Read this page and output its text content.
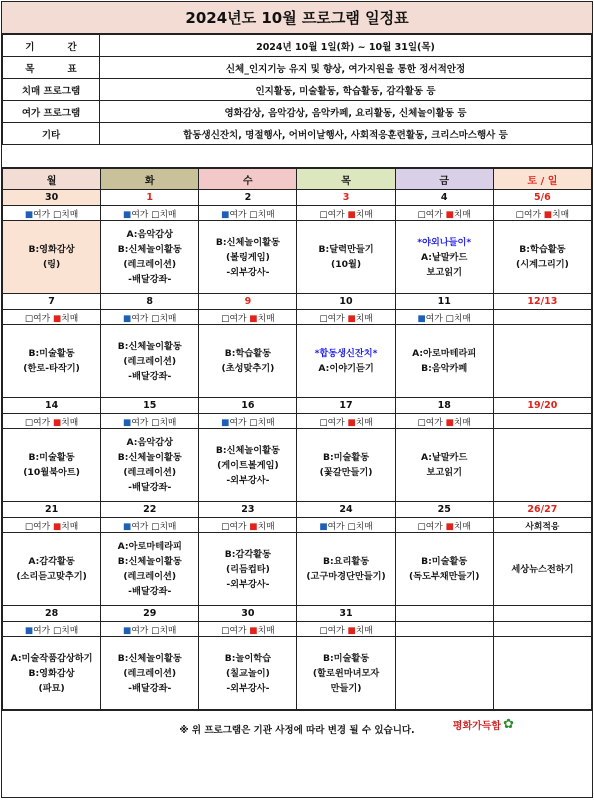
2024년도 10월 프로그램 일정표
기          간	2024년 10월 1일(화) ~ 10월 31일(목)
목          표	신체_인지기능 유지 및 향상, 여가지원을 통한 정서적안정
치매 프로그램	인지활동, 미술활동, 학습활동, 감각활동 등
여가 프로그램	영화감상, 음악감상, 음악카페, 요리활동, 신체놀이활동 등
기타	합동생신잔치, 명절행사, 어버이날행사, 사회적응훈련활동, 크리스마스행사 등
월	화	수	목	금	토 / 일
30	1	2	3	4	5/6
■여가 □치매	■여가 □치매	■여가 □치매	□여가 ■치매	□여가 ■치매	□여가 ■치매

B:영화감상
(링)	A:음악감상
B:신체놀이활동
(레크레이션)
-배달강좌-	B:신체놀이활동
(볼링게임)
-외부강사-	B:달력만들기
(10월)	*야외나들이*
A:낱말카드
보고읽기	B:학습활동
(시계그리기)

7	8	9	10	11	12/13
□여가 ■치매	■여가 □치매	□여가 ■치매	□여가 ■치매	■여가 □치매	

B:미술활동
(한로-타작기)	B:신체놀이활동
(레크레이션)
-배달강좌-	B:학습활동
(초성맞추기)	*합동생신잔치*
A:이야기듣기	A:아로마테라피
B:음악카페	

14	15	16	17	18	19/20
□여가 ■치매	■여가 □치매	■여가 □치매	□여가 ■치매	□여가 ■치매	

B:미술활동
(10월북아트)	A:음악감상
B:신체놀이활동
(레크레이션)
-배달강좌-	B:신체놀이활동
(게이트볼게임)
-외부강사-	B:미술활동
(꽃갈만들기)	A:낱말카드
보고읽기	

21	22	23	24	25	26/27
□여가 ■치매	■여가 □치매	□여가 ■치매	■여가 □치매	□여가 ■치매	사회적응

A:감각활동
(소리듣고맞추기)	A:아로마테라피
B:신체놀이활동
(레크레이션)
-배달강좌-	B:감각활동
(리듬컵타)
-외부강사-	B:요리활동
(고구마경단만들기)	B:미술활동
(독도부채만들기)	세상뉴스전하기

28	29	30	31		
■여가 □치매	■여가 □치매	□여가 ■치매	□여가 ■치매		

A:미술작품감상하기
B:영화감상
(파묘)	B:신체놀이활동
(레크레이션)
-배달강좌-	B:놀이학습
(칠교놀이)
-외부강사-	B:미술활동
(할로윈마녀모자
만들기)		

※ 위 프로그램은 기관 사정에 따라 변경 될 수 있습니다.	평화가득함 ✿
